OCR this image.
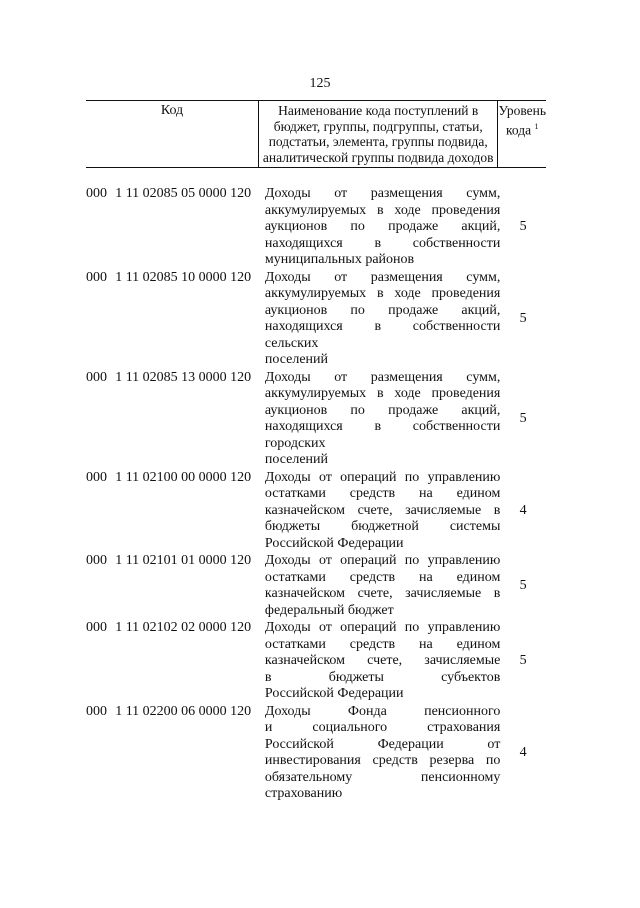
125
Код	Наименование кода поступлений в бюджет, группы, подгруппы, статьи, подстатьи, элемента, группы подвида, аналитической группы подвида доходов
Уровень кода $^1$
000 1 11 02085 05 0000 120 Доходы от размещения сумм,
аккумулируемых в ходе проведения
аукционов по продаже акций,
находящихся в собственности
муниципальных районов
5
000 1 11 02085 10 0000 120 Доходы от размещения сумм,
аккумулируемых в ходе проведения
аукционов по продаже акций,
находящихся в собственности сельских
поселений
5
000 1 11 02085 13 0000 120 Доходы от размещения сумм,
аккумулируемых в ходе проведения
аукционов по продаже акций,
находящихся в собственности городских
поселений
5
000 1 11 02100 00 0000 120 Доходы от операций по управлению
остатками средств на едином
казначейском счете, зачисляемые в
бюджеты бюджетной системы
Российской Федерации
4
000 1 11 02101 01 0000 120 Доходы от операций по управлению
остатками средств на едином
казначейском счете, зачисляемые в
федеральный бюджет
5
000 1 11 02102 02 0000 120 Доходы от операций по управлению
остатками средств на едином
казначейском счете, зачисляемые
в бюджеты субъектов
Российской Федерации
5
000 1 11 02200 06 0000 120 Доходы Фонда пенсионного
и социального страхования
Российской Федерации от
инвестирования средств резерва по
обязательному пенсионному
страхованию
4
